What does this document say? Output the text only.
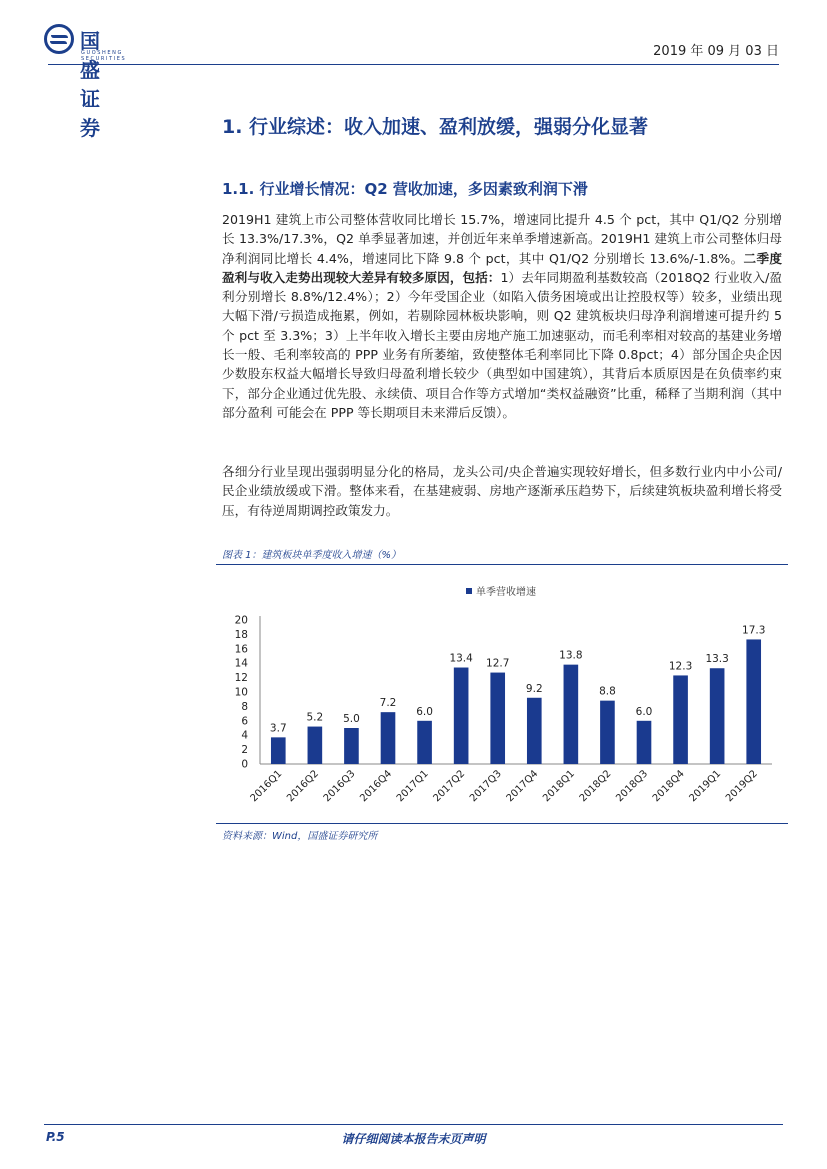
国盛证券
GUOSHENG SECURITIES	2019 年 09 月 03 日
1. 行业综述：收入加速、盈利放缓，强弱分化显著
1.1. 行业增长情况：Q2 营收加速，多因素致利润下滑

2019H1 建筑上市公司整体营收同比增长 15.7%，增速同比提升 4.5 个 pct，其中 Q1/Q2 分别增长 13.3%/17.3%，Q2 单季显著加速，并创近年来单季增速新高。2019H1 建筑上市公司整体归母净利润同比增长 4.4%，增速同比下降 9.8 个 pct，其中 Q1/Q2 分别增长 13.6%/-1.8%。二季度盈利与收入走势出现较大差异有较多原因，包括：1）去年同期盈利基数较高（2018Q2 行业收入/盈利分别增长 8.8%/12.4%）；2）今年受国企业（如陷入债务困境或出让控股权等）较多，业绩出现大幅下滑/亏损造成拖累，例如，若剔除园林板块影响，则 Q2 建筑板块归母净利润增速可提升约 5 个 pct 至 3.3%；3）上半年收入增长主要由房地产施工加速驱动，而毛利率相对较高的基建业务增长一般、毛利率较高的 PPP 业务有所萎缩，致使整体毛利率同比下降 0.8pct；4）部分国企央企因少数股东权益大幅增长导致归母盈利增长较少（典型如中国建筑），其背后本质原因是在负债率约束下，部分企业通过优先股、永续债、项目合作等方式增加“类权益融资”比重，稀释了当期利润（其中部分盈利 可能会在 PPP 等长期项目未来滞后反馈）。

各细分行业呈现出强弱明显分化的格局，龙头公司/央企普遍实现较好增长，但多数行业内中小公司/民企业绩放缓或下滑。整体来看，在基建疲弱、房地产逐渐承压趋势下，后续建筑板块盈利增长将受压，有待逆周期调控政策发力。

图表 1：建筑板块单季度收入增速（%）
单季营收增速
0
2
4
6
8
10
12
14
16
18
20
3.7
2016Q1
5.2
2016Q2
5.0
2016Q3
7.2
2016Q4
6.0
2017Q1
13.4
2017Q2
12.7
2017Q3
9.2
2017Q4
13.8
2018Q1
8.8
2018Q2
6.0
2018Q3
12.3
2018Q4
13.3
2019Q1
17.3
2019Q2
资料来源：Wind，国盛证券研究所
P.5	请仔细阅读本报告末页声明
